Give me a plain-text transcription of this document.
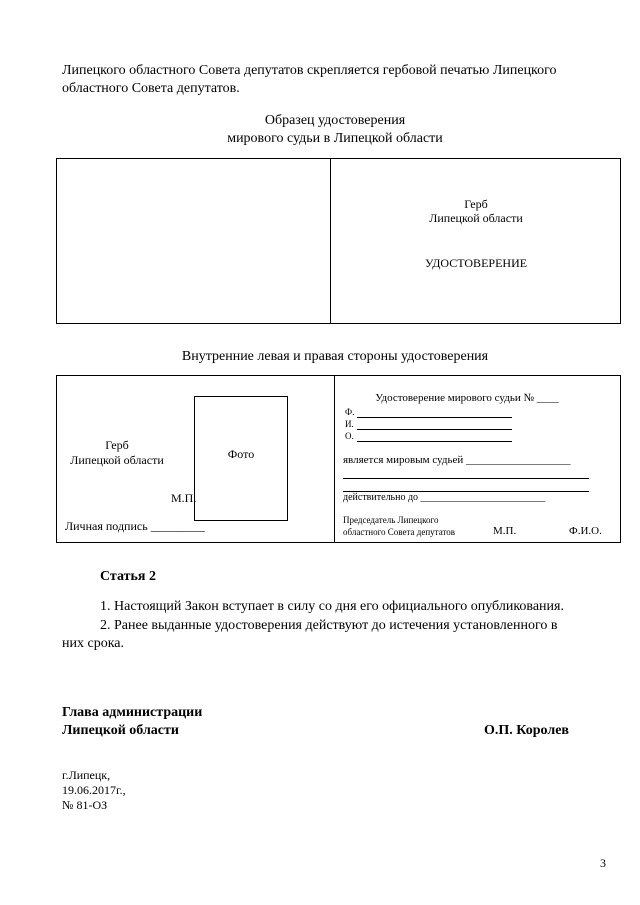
Липецкого областного Совета депутатов скрепляется гербовой печатью Липецкого
областного Совета депутатов.
Образец удостоверения
мирового судьи в Липецкой области
Герб
Липецкой области
УДОСТОВЕРЕНИЕ
Внутренние левая и правая стороны удостоверения
Герб
Липецкой области	Фото
М.П.
Личная подпись _________
Удостоверение мирового судьи № ____
Ф.
И.
О.
является мировым судьей ___________________
действительно до _________________________
Председатель Липецкого
областного Совета депутатов	М.П.	Ф.И.О.
Статья 2
1. Настоящий Закон вступает в силу со дня его официального опубликования.
2. Ранее выданные удостоверения действуют до истечения установленного в
них срока.
Глава администрации
Липецкой области	О.П. Королев
г.Липецк,
19.06.2017г.,
№ 81-ОЗ
3
